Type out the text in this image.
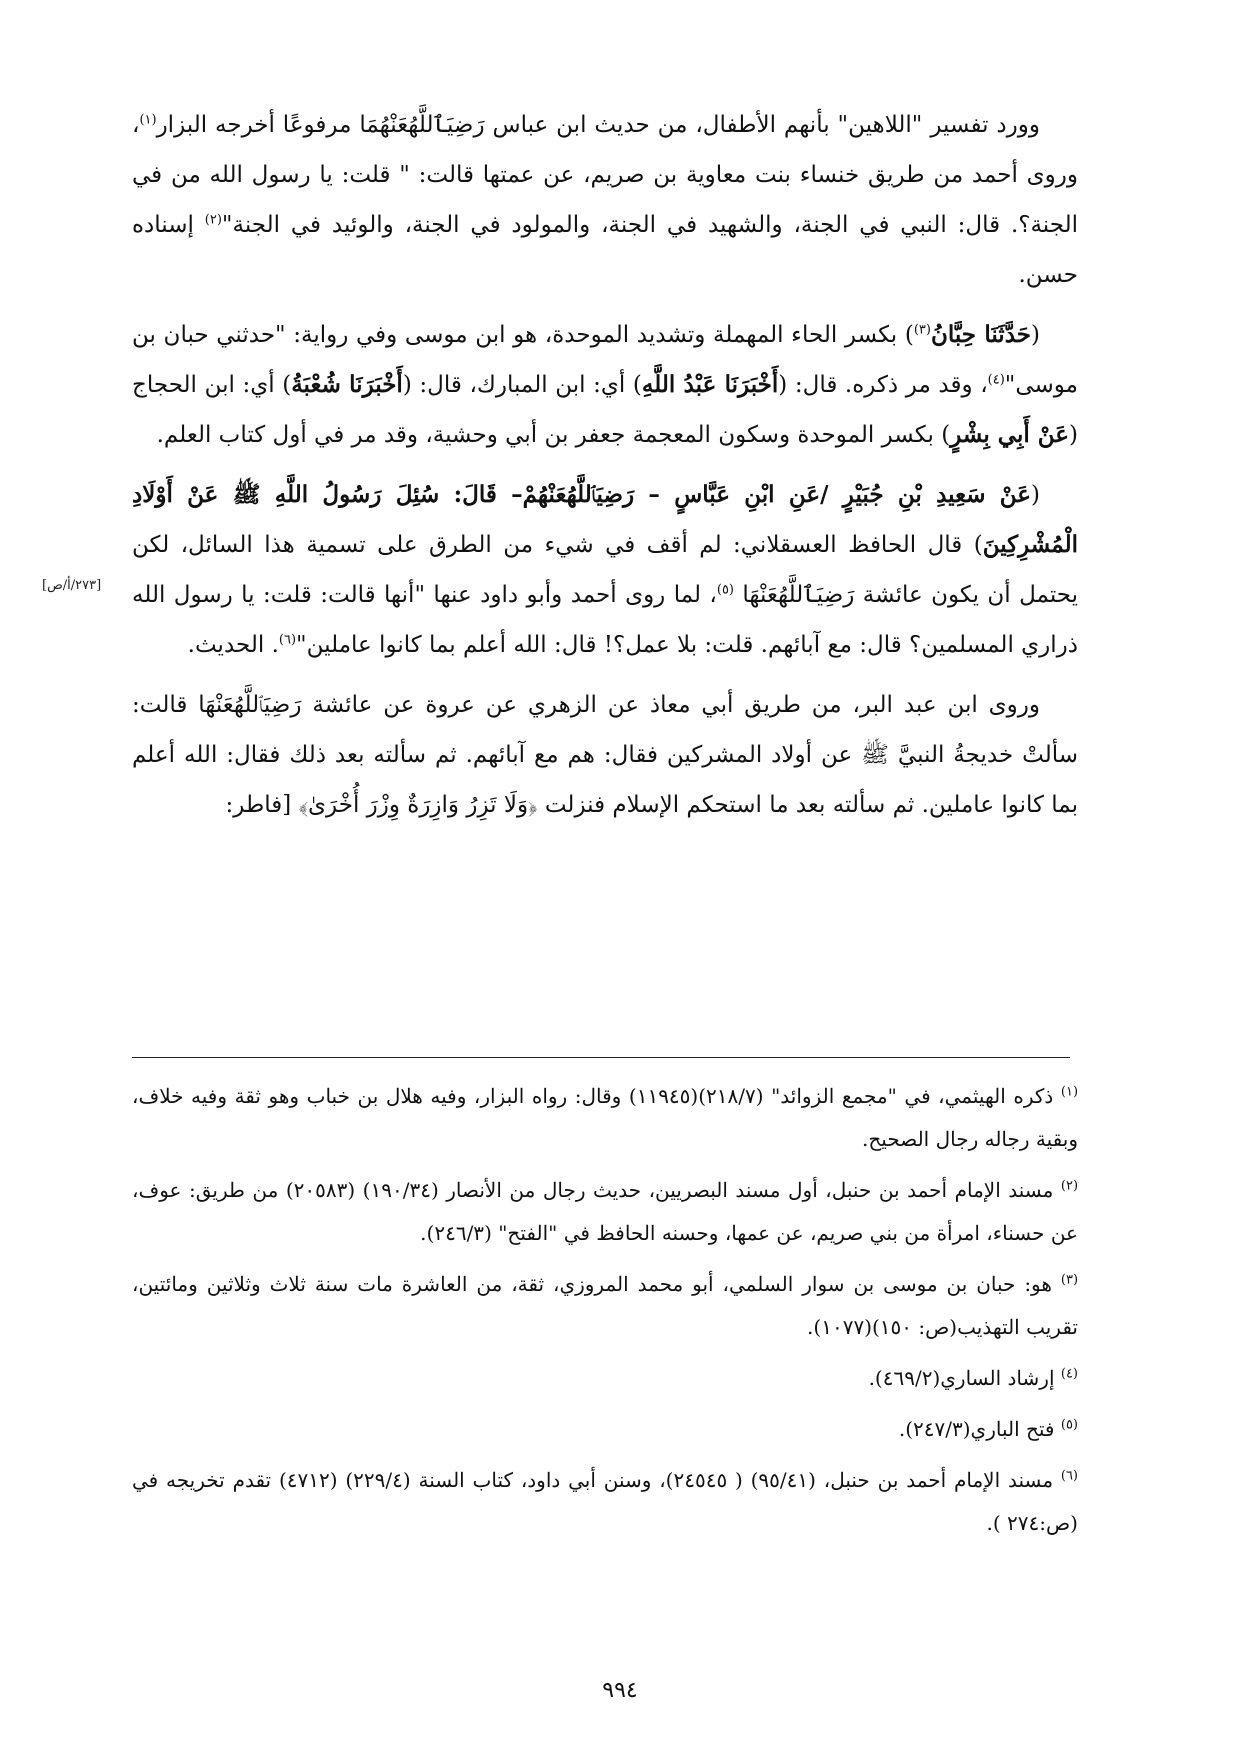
وورد تفسير "اللاهين" بأنهم الأطفال، من حديث ابن عباس رَضِيَٱللَّهُعَنْهُمَا مرفوعًا أخرجه البزار$^{(١)}$، وروى أحمد من طريق خنساء بنت معاوية بن صريم، عن عمتها قالت: " قلت: يا رسول الله من في الجنة؟. قال: النبي في الجنة، والشهيد في الجنة، والمولود في الجنة، والوئيد في الجنة"$^{(٢)}$ إسناده حسن.

(حَدَّثَنَا حِبَّانُ$^{(٣)}$) بكسر الحاء المهملة وتشديد الموحدة، هو ابن موسى وفي رواية: "حدثني حبان بن موسى"$^{(٤)}$، وقد مر ذكره. قال: (أَخْبَرَنَا عَبْدُ اللَّهِ) أي: ابن المبارك، قال: (أَخْبَرَنَا شُعْبَةُ) أي: ابن الحجاج (عَنْ أَبِي بِشْرٍ) بكسر الموحدة وسكون المعجمة جعفر بن أبي وحشية، وقد مر في أول كتاب العلم.

(عَنْ سَعِيدِ بْنِ جُبَيْرٍ /عَنِ ابْنِ عَبَّاسٍ – رَضِيَٱللَّهُعَنْهُمْ– قَالَ: سُئِلَ رَسُولُ اللَّهِ ﷺ عَنْ أَوْلَادِ الْمُشْرِكِينَ) قال الحافظ العسقلاني: لم أقف في شيء من الطرق على تسمية هذا السائل، لكن يحتمل أن يكون عائشة رَضِيَٱللَّهُعَنْهَا $^{(٥)}$، لما روى أحمد وأبو داود عنها "أنها قالت: قلت: يا رسول الله ذراري المسلمين؟ قال: مع آبائهم. قلت: بلا عمل؟! قال: الله أعلم بما كانوا عاملين"$^{(٦)}$. الحديث.

وروى ابن عبد البر، من طريق أبي معاذ عن الزهري عن عروة عن عائشة رَضِيَٱللَّهُعَنْهَا قالت: سألتْ خديجةُ النبيَّ ﷺ عن أولاد المشركين فقال: هم مع آبائهم. ثم سألته بعد ذلك فقال: الله أعلم بما كانوا عاملين. ثم سألته بعد ما استحكم الإسلام فنزلت ﴿وَلَا تَزِرُ وَازِرَةٌ وِزْرَ أُخْرَىٰ﴾ [فاطر:

[٢٧٣/أ/ص]

$^{(١)}$ ذكره الهيثمي، في "مجمع الزوائد" (٢١٨/٧)(١١٩٤٥) وقال: رواه البزار، وفيه هلال بن خباب وهو ثقة وفيه خلاف، وبقية رجاله رجال الصحيح.

$^{(٢)}$ مسند الإمام أحمد بن حنبل، أول مسند البصريين، حديث رجال من الأنصار (١٩٠/٣٤) (٢٠٥٨٣) من طريق: عوف، عن حسناء، امرأة من بني صريم، عن عمها، وحسنه الحافظ في "الفتح" (٢٤٦/٣).

$^{(٣)}$ هو: حبان بن موسى بن سوار السلمي، أبو محمد المروزي، ثقة، من العاشرة مات سنة ثلاث وثلاثين ومائتين، تقريب التهذيب(ص: ١٥٠)(١٠٧٧).

$^{(٤)}$ إرشاد الساري(٤٦٩/٢).

$^{(٥)}$ فتح الباري(٢٤٧/٣).

$^{(٦)}$ مسند الإمام أحمد بن حنبل، (٩٥/٤١) ( ٢٤٥٤٥)، وسنن أبي داود، كتاب السنة (٢٢٩/٤) (٤٧١٢) تقدم تخريجه في (ص:٢٧٤ ).

٩٩٤
